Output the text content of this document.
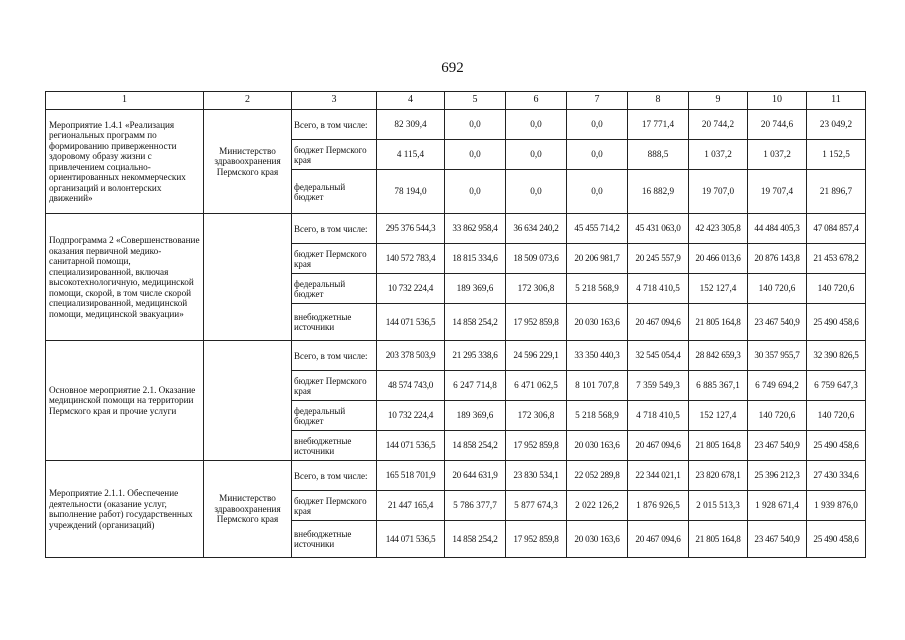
692
1	2	3	4	5	6	7	8	9	10	11
Мероприятие 1.4.1 «Реализация региональных программ по формированию приверженности здоровому образу жизни с привлечением социально-ориентированных некоммерческих организаций и волонтерских движений»	Министерство здравоохранения Пермского края	Всего, в том числе:	82 309,4	0,0	0,0	0,0	17 771,4	20 744,2	20 744,6	23 049,2
		бюджет Пермского края	4 115,4	0,0	0,0	0,0	888,5	1 037,2	1 037,2	1 152,5
		федеральный бюджет	78 194,0	0,0	0,0	0,0	16 882,9	19 707,0	19 707,4	21 896,7
Подпрограмма 2 «Совершенствование оказания первичной медико-санитарной помощи, специализированной, включая высокотехнологичную, медицинской помощи, скорой, в том числе скорой специализированной, медицинской помощи, медицинской эвакуации»		Всего, в том числе:	295 376 544,3	33 862 958,4	36 634 240,2	45 455 714,2	45 431 063,0	42 423 305,8	44 484 405,3	47 084 857,4
		бюджет Пермского края	140 572 783,4	18 815 334,6	18 509 073,6	20 206 981,7	20 245 557,9	20 466 013,6	20 876 143,8	21 453 678,2
		федеральный бюджет	10 732 224,4	189 369,6	172 306,8	5 218 568,9	4 718 410,5	152 127,4	140 720,6	140 720,6
		внебюджетные источники	144 071 536,5	14 858 254,2	17 952 859,8	20 030 163,6	20 467 094,6	21 805 164,8	23 467 540,9	25 490 458,6
Основное мероприятие 2.1. Оказание медицинской помощи на территории Пермского края и прочие услуги		Всего, в том числе:	203 378 503,9	21 295 338,6	24 596 229,1	33 350 440,3	32 545 054,4	28 842 659,3	30 357 955,7	32 390 826,5
		бюджет Пермского края	48 574 743,0	6 247 714,8	6 471 062,5	8 101 707,8	7 359 549,3	6 885 367,1	6 749 694,2	6 759 647,3
		федеральный бюджет	10 732 224,4	189 369,6	172 306,8	5 218 568,9	4 718 410,5	152 127,4	140 720,6	140 720,6
		внебюджетные источники	144 071 536,5	14 858 254,2	17 952 859,8	20 030 163,6	20 467 094,6	21 805 164,8	23 467 540,9	25 490 458,6
Мероприятие 2.1.1. Обеспечение деятельности (оказание услуг, выполнение работ) государственных учреждений (организаций)	Министерство здравоохранения Пермского края	Всего, в том числе:	165 518 701,9	20 644 631,9	23 830 534,1	22 052 289,8	22 344 021,1	23 820 678,1	25 396 212,3	27 430 334,6
		бюджет Пермского края	21 447 165,4	5 786 377,7	5 877 674,3	2 022 126,2	1 876 926,5	2 015 513,3	1 928 671,4	1 939 876,0
		внебюджетные источники	144 071 536,5	14 858 254,2	17 952 859,8	20 030 163,6	20 467 094,6	21 805 164,8	23 467 540,9	25 490 458,6
